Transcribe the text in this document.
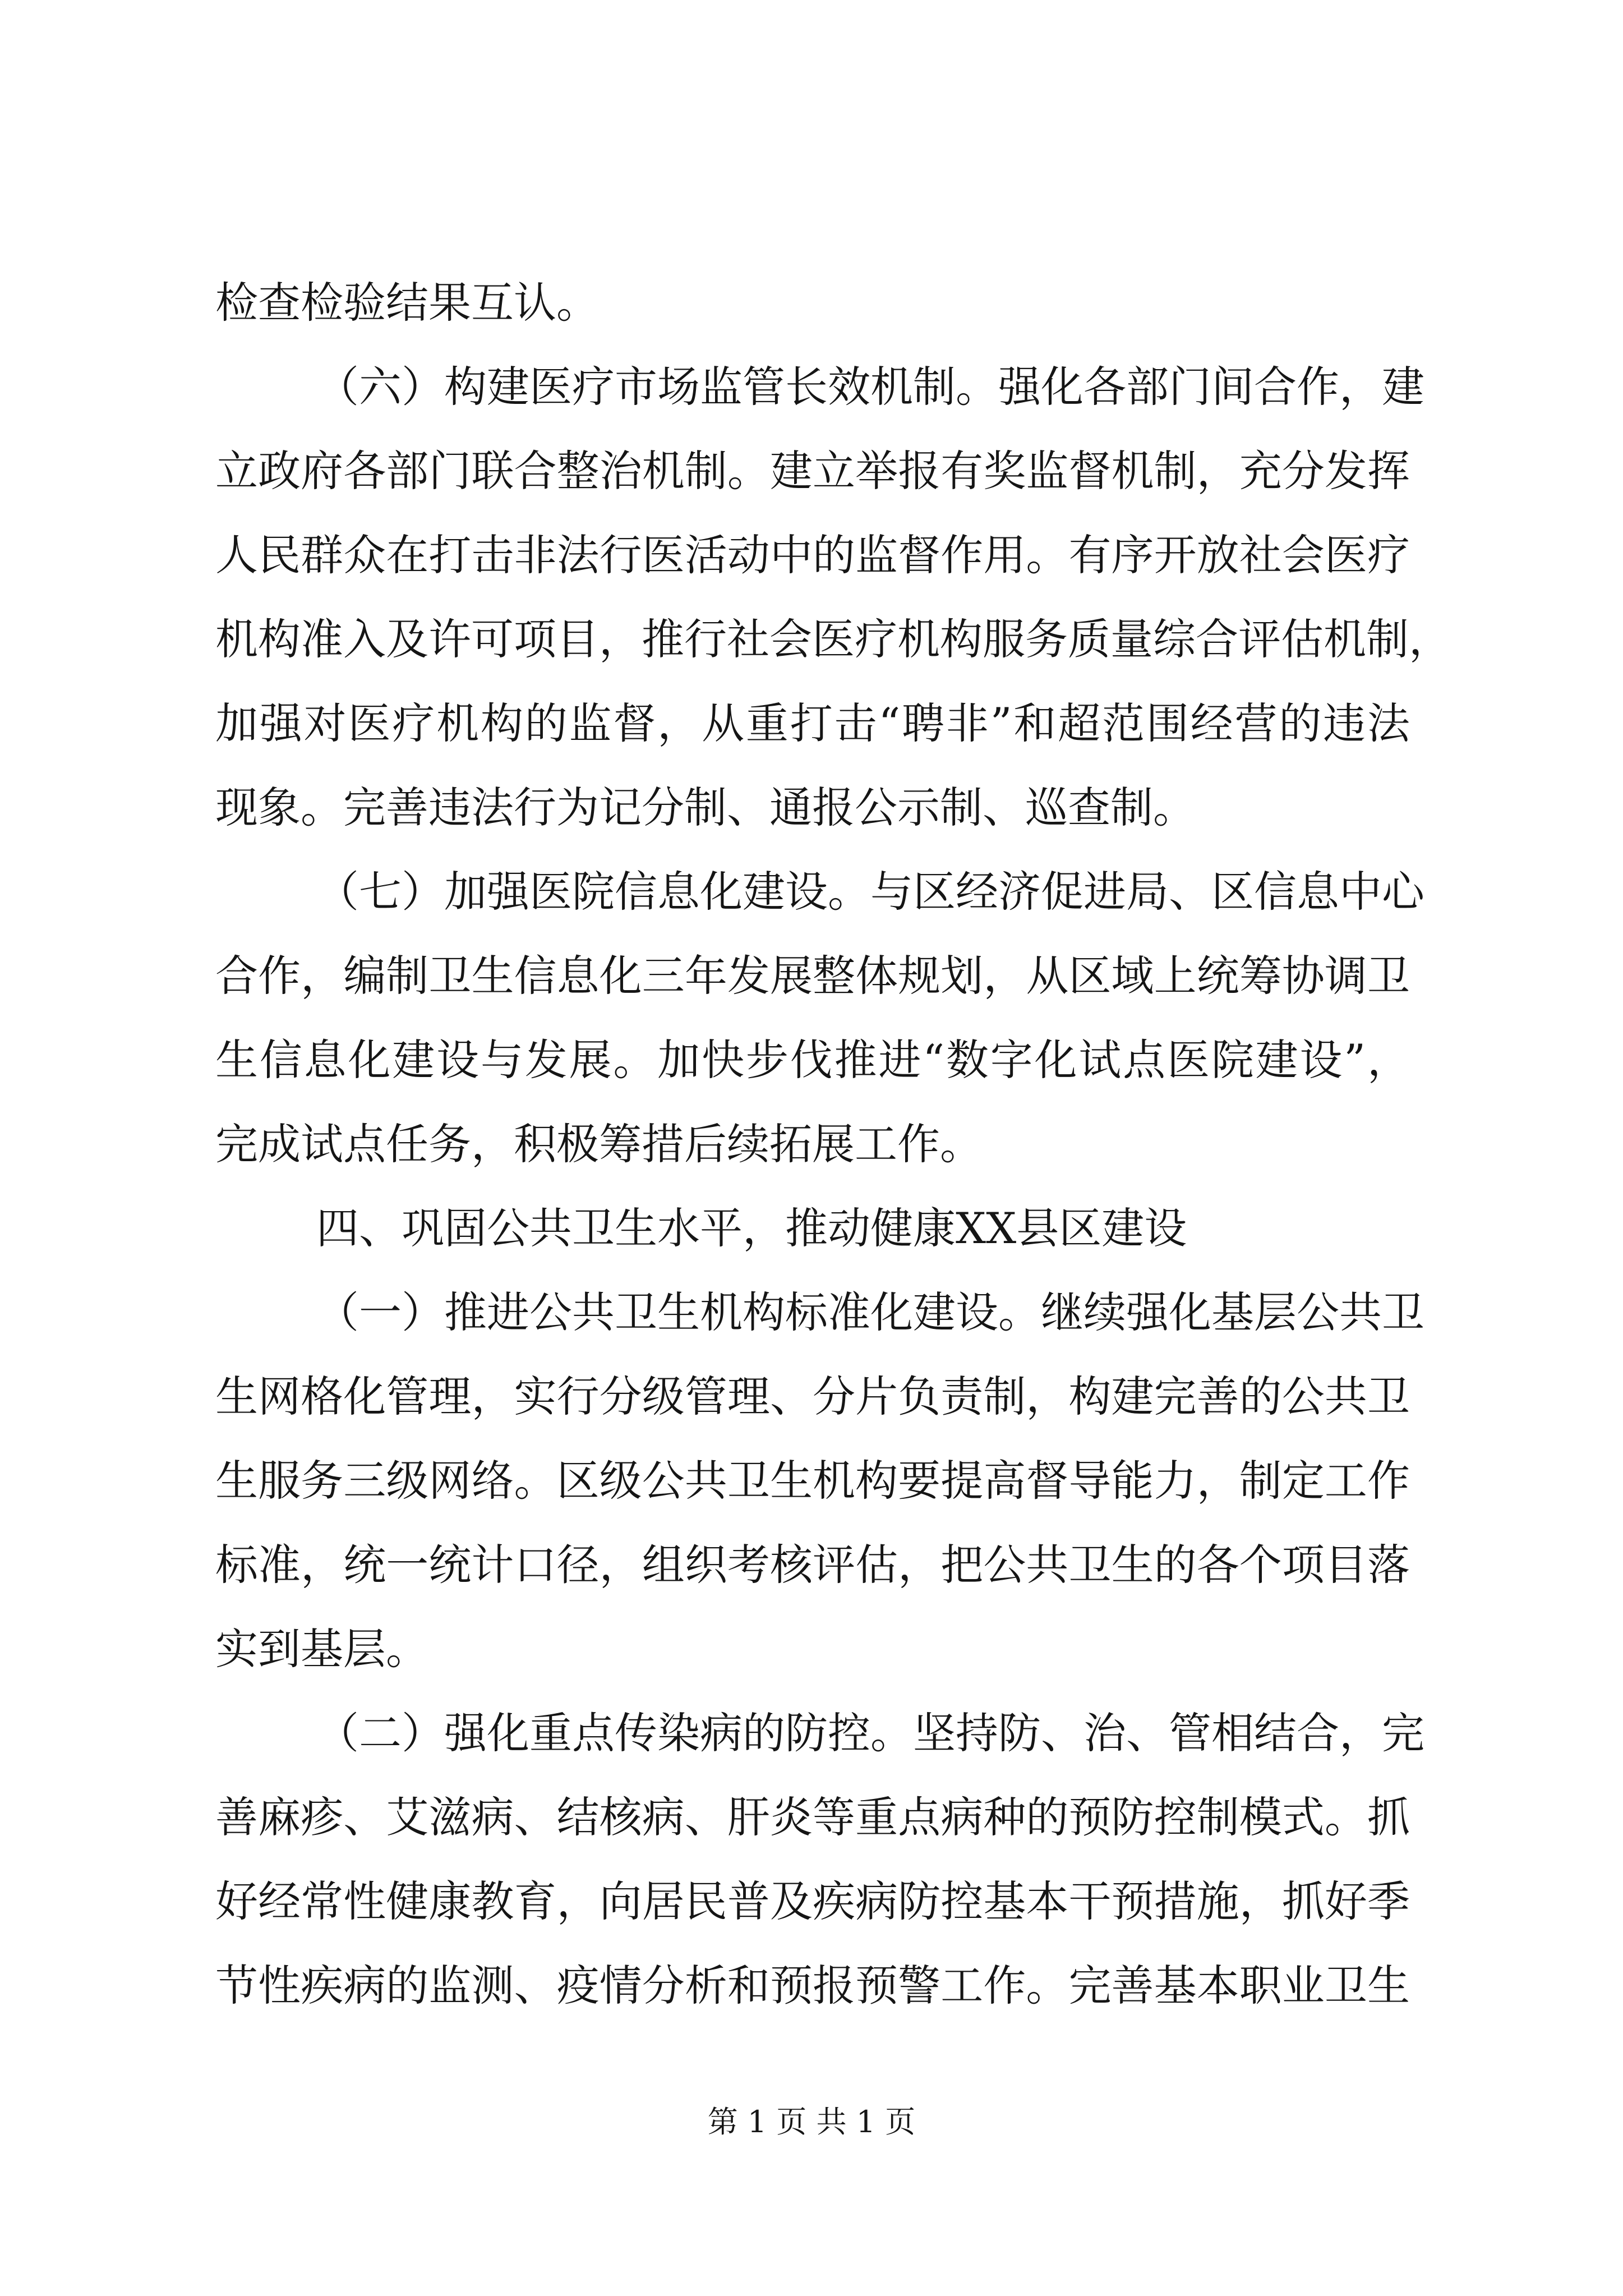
检查检验结果互认。
（六）构建医疗市场监管长效机制。强化各部门间合作，建
立政府各部门联合整治机制。建立举报有奖监督机制，充分发挥
人民群众在打击非法行医活动中的监督作用。有序开放社会医疗
机构准入及许可项目，推行社会医疗机构服务质量综合评估机制，
加强对医疗机构的监督，从重打击“聘非”和超范围经营的违法
现象。完善违法行为记分制、通报公示制、巡查制。
（七）加强医院信息化建设。与区经济促进局、区信息中心
合作，编制卫生信息化三年发展整体规划，从区域上统筹协调卫
生信息化建设与发展。加快步伐推进“数字化试点医院建设”，
完成试点任务，积极筹措后续拓展工作。
四、巩固公共卫生水平，推动健康XX县区建设
（一）推进公共卫生机构标准化建设。继续强化基层公共卫
生网格化管理，实行分级管理、分片负责制，构建完善的公共卫
生服务三级网络。区级公共卫生机构要提高督导能力，制定工作
标准，统一统计口径，组织考核评估，把公共卫生的各个项目落
实到基层。
（二）强化重点传染病的防控。坚持防、治、管相结合，完
善麻疹、艾滋病、结核病、肝炎等重点病种的预防控制模式。抓
好经常性健康教育，向居民普及疾病防控基本干预措施，抓好季
节性疾病的监测、疫情分析和预报预警工作。完善基本职业卫生
第 1 页 共 1 页
